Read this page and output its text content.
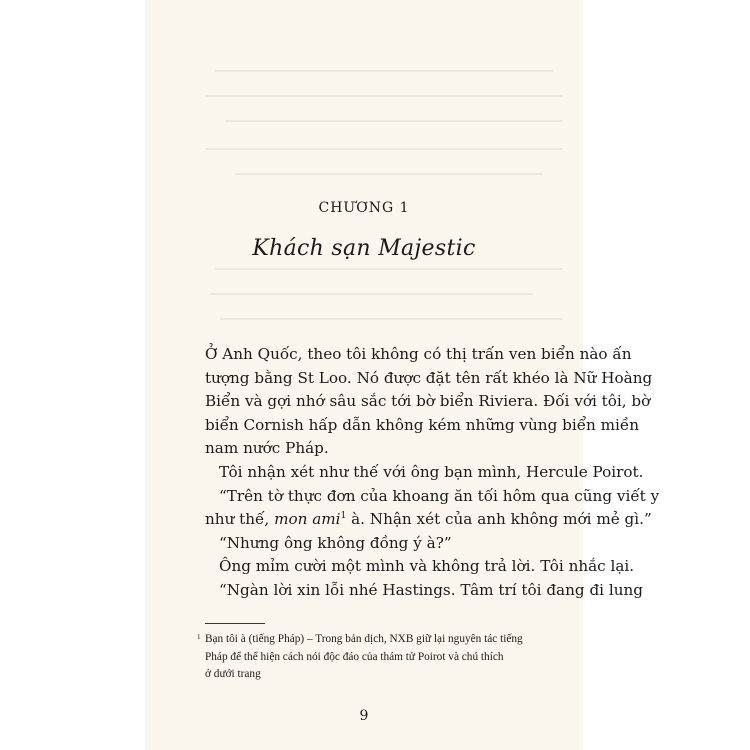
CHƯƠNG 1
Khách sạn Majestic

Ở Anh Quốc, theo tôi không có thị trấn ven biển nào ấn
tượng bằng St Loo. Nó được đặt tên rất khéo là Nữ Hoàng
Biển và gợi nhớ sâu sắc tới bờ biển Riviera. Đối với tôi, bờ
biển Cornish hấp dẫn không kém những vùng biển miền
nam nước Pháp.

Tôi nhận xét như thế với ông bạn mình, Hercule Poirot.

“Trên tờ thực đơn của khoang ăn tối hôm qua cũng viết y
như thế, mon ami$^1$ à. Nhận xét của anh không mới mẻ gì.”

“Nhưng ông không đồng ý à?”

Ông mỉm cười một mình và không trả lời. Tôi nhắc lại.

“Ngàn lời xin lỗi nhé Hastings. Tâm trí tôi đang đi lung

1 Bạn tôi à (tiếng Pháp) – Trong bản dịch, NXB giữ lại nguyên tác tiếng
Pháp để thể hiện cách nói độc đáo của thám tử Poirot và chú thích
ở dưới trang
9
